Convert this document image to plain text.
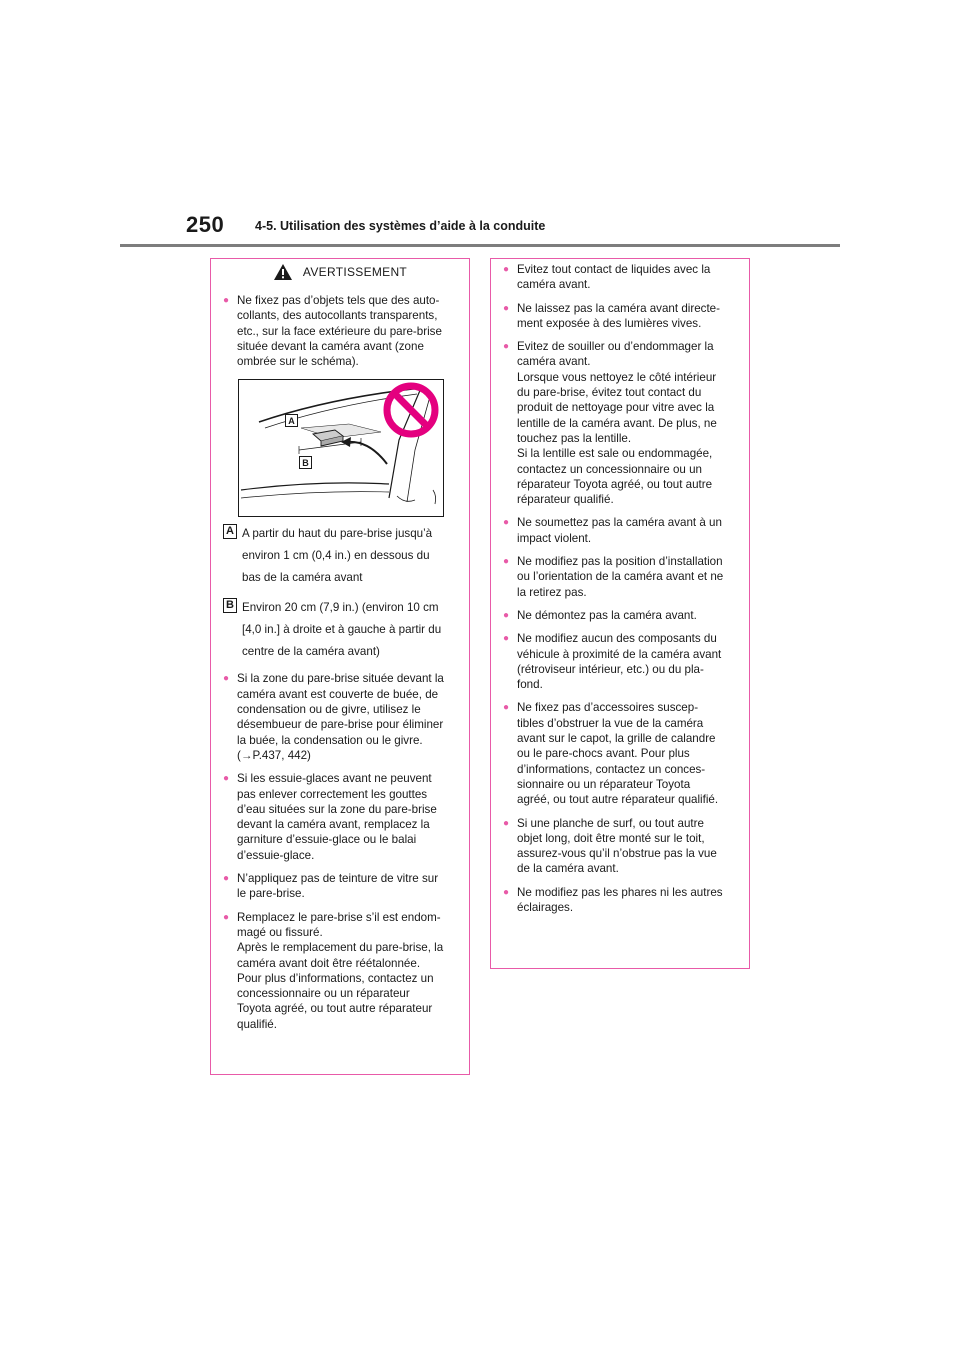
250 4-5. Utilisation des systèmes d’aide à la conduite
AVERTISSEMENT
● Ne fixez pas d’objets tels que des auto-
collants, des autocollants transparents,
etc., sur la face extérieure du pare-brise
située devant la caméra avant (zone
ombrée sur le schéma).
A
B
A A partir du haut du pare-brise jusqu’à
environ 1 cm (0,4 in.) en dessous du
bas de la caméra avant
B Environ 20 cm (7,9 in.) (environ 10 cm
[4,0 in.] à droite et à gauche à partir du
centre de la caméra avant)
● Si la zone du pare-brise située devant la
caméra avant est couverte de buée, de
condensation ou de givre, utilisez le
désembueur de pare-brise pour éliminer
la buée, la condensation ou le givre.
(→P.437, 442)
● Si les essuie-glaces avant ne peuvent
pas enlever correctement les gouttes
d’eau situées sur la zone du pare-brise
devant la caméra avant, remplacez la
garniture d’essuie-glace ou le balai
d’essuie-glace.
● N’appliquez pas de teinture de vitre sur
le pare-brise.
● Remplacez le pare-brise s’il est endom-
magé ou fissuré.
Après le remplacement du pare-brise, la
caméra avant doit être réétalonnée.
Pour plus d’informations, contactez un
concessionnaire ou un réparateur
Toyota agréé, ou tout autre réparateur
qualifié.
● Evitez tout contact de liquides avec la
caméra avant.
● Ne laissez pas la caméra avant directe-
ment exposée à des lumières vives.
● Evitez de souiller ou d’endommager la
caméra avant.
Lorsque vous nettoyez le côté intérieur
du pare-brise, évitez tout contact du
produit de nettoyage pour vitre avec la
lentille de la caméra avant. De plus, ne
touchez pas la lentille.
Si la lentille est sale ou endommagée,
contactez un concessionnaire ou un
réparateur Toyota agréé, ou tout autre
réparateur qualifié.
● Ne soumettez pas la caméra avant à un
impact violent.
● Ne modifiez pas la position d’installation
ou l’orientation de la caméra avant et ne
la retirez pas.
● Ne démontez pas la caméra avant.
● Ne modifiez aucun des composants du
véhicule à proximité de la caméra avant
(rétroviseur intérieur, etc.) ou du pla-
fond.
● Ne fixez pas d’accessoires suscep-
tibles d’obstruer la vue de la caméra
avant sur le capot, la grille de calandre
ou le pare-chocs avant. Pour plus
d’informations, contactez un conces-
sionnaire ou un réparateur Toyota
agréé, ou tout autre réparateur qualifié.
● Si une planche de surf, ou tout autre
objet long, doit être monté sur le toit,
assurez-vous qu’il n’obstrue pas la vue
de la caméra avant.
● Ne modifiez pas les phares ni les autres
éclairages.
